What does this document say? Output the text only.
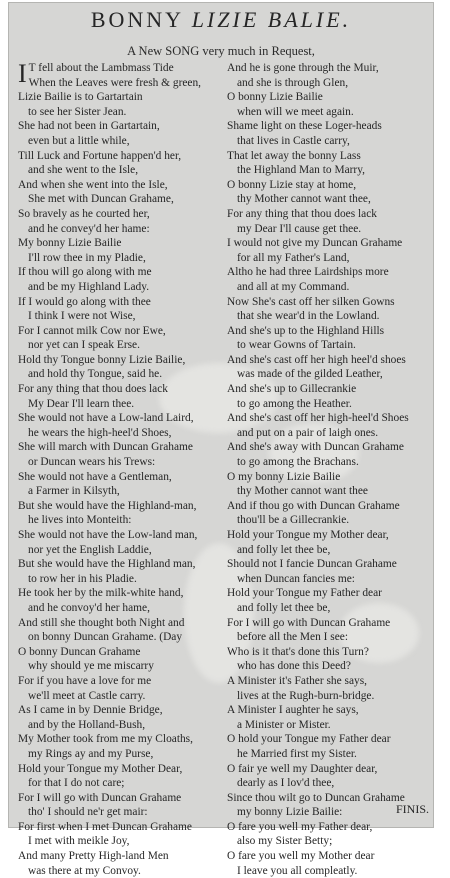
BONNY LIZIE BALIE.
A New SONG very much in Request,
I T fell about the Lambmass Tide
When the Leaves were fresh & green,
Lizie Bailie is to Gartartain
to see her Sister Jean.
She had not been in Gartartain,
even but a little while,
Till Luck and Fortune happen'd her,
and she went to the Isle,
And when she went into the Isle,
She met with Duncan Grahame,
So bravely as he courted her,
and he convey'd her hame:
My bonny Lizie Bailie
I'll row thee in my Pladie,
If thou will go along with me
and be my Highland Lady.
If I would go along with thee
I think I were not Wise,
For I cannot milk Cow nor Ewe,
nor yet can I speak Erse.
Hold thy Tongue bonny Lizie Bailie,
and hold thy Tongue, said he.
For any thing that thou does lack
My Dear I'll learn thee.
She would not have a Low-land Laird,
he wears the high-heel'd Shoes,
She will march with Duncan Grahame
or Duncan wears his Trews:
She would not have a Gentleman,
a Farmer in Kilsyth,
But she would have the Highland-man,
he lives into Monteith:
She would not have the Low-land man,
nor yet the English Laddie,
But she would have the Highland man,
to row her in his Pladie.
He took her by the milk-white hand,
and he convoy'd her hame,
And still she thought both Night and
on bonny Duncan Grahame. (Day
O bonny Duncan Grahame
why should ye me miscarry
For if you have a love for me
we'll meet at Castle carry.
As I came in by Dennie Bridge,
and by the Holland-Bush,
My Mother took from me my Cloaths,
my Rings ay and my Purse,
Hold your Tongue my Mother Dear,
for that I do not care;
For I will go with Duncan Grahame
tho' I should ne'r get mair:
For first when I met Duncan Grahame
I met with meikle Joy,
And many Pretty High-land Men
was there at my Convoy.
And he is gone through the Muir,
and she is through Glen,
O bonny Lizie Bailie
when will we meet again.
Shame light on these Loger-heads
that lives in Castle carry,
That let away the bonny Lass
the Highland Man to Marry,
O bonny Lizie stay at home,
thy Mother cannot want thee,
For any thing that thou does lack
my Dear I'll cause get thee.
I would not give my Duncan Grahame
for all my Father's Land,
Altho he had three Lairdships more
and all at my Command.
Now She's cast off her silken Gowns
that she wear'd in the Lowland.
And she's up to the Highland Hills
to wear Gowns of Tartain.
And she's cast off her high heel'd shoes
was made of the gilded Leather,
And she's up to Gillecrankie
to go among the Heather.
And she's cast off her high-heel'd Shoes
and put on a pair of laigh ones.
And she's away with Duncan Grahame
to go among the Brachans.
O my bonny Lizie Bailie
thy Mother cannot want thee
And if thou go with Duncan Grahame
thou'll be a Gillecrankie.
Hold your Tongue my Mother dear,
and folly let thee be,
Should not I fancie Duncan Grahame
when Duncan fancies me:
Hold your Tongue my Father dear
and folly let thee be,
For I will go with Duncan Grahame
before all the Men I see:
Who is it that's done this Turn?
who has done this Deed?
A Minister it's Father she says,
lives at the Rugh-burn-bridge.
A Minister I aughter he says,
a Minister or Mister.
O hold your Tongue my Father dear
he Married first my Sister.
O fair ye well my Daughter dear,
dearly as I lov'd thee,
Since thou wilt go to Duncan Grahame
my bonny Lizie Bailie:
O fare you well my Father dear,
also my Sister Betty;
O fare you well my Mother dear
I leave you all compleatly.
FINIS.
